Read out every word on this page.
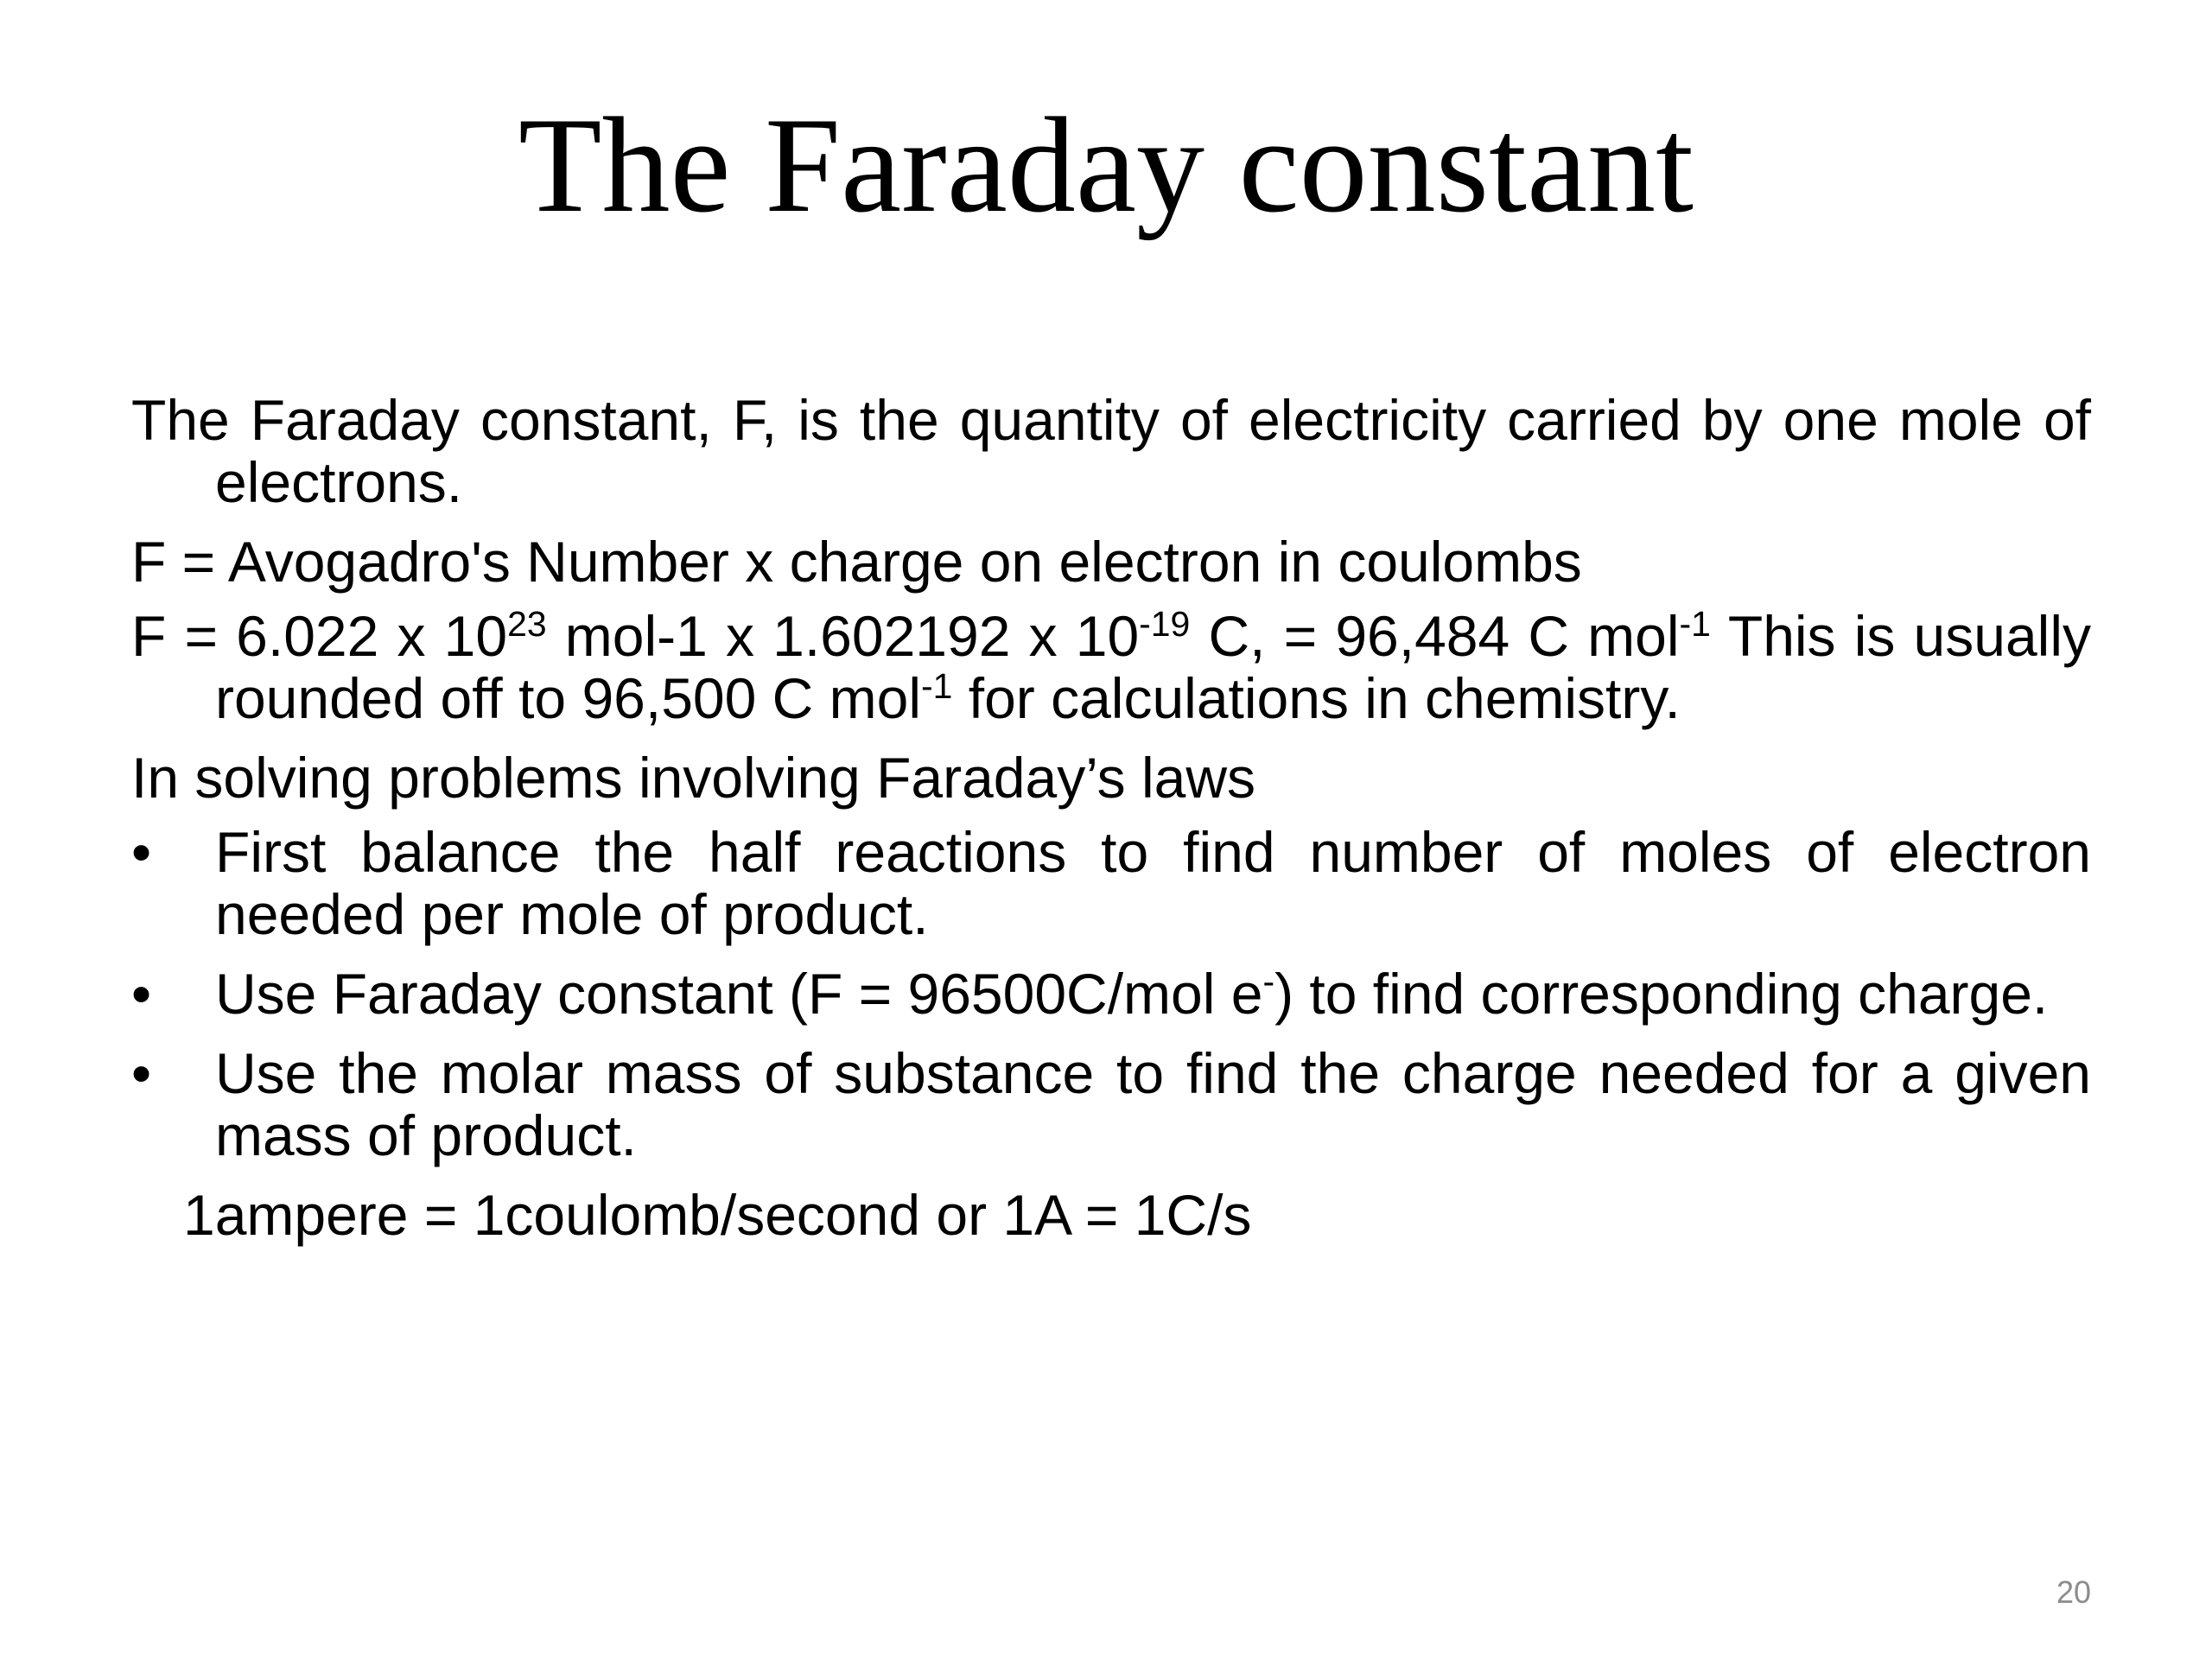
The Faraday constant

The Faraday constant, F, is the quantity of electricity carried by one mole of electrons.

F = Avogadro's Number x charge on electron in coulombs

F = 6.022 x $10^{23}$ mol-1 x 1.602192 x $10^{-19}$ C, = 96,484 C mol$^{-1}$ This is usually rounded off to 96,500 C mol$^{-1}$ for calculations in chemistry.

In solving problems involving Faraday’s laws

•	First balance the half reactions to find number of moles of electron needed per mole of product.
•	Use Faraday constant (F = 96500C/mol e-) to find corresponding charge.
•	Use the molar mass of substance to find the charge needed for a given mass of product.

1ampere = 1coulomb/second or 1A = 1C/s

20
